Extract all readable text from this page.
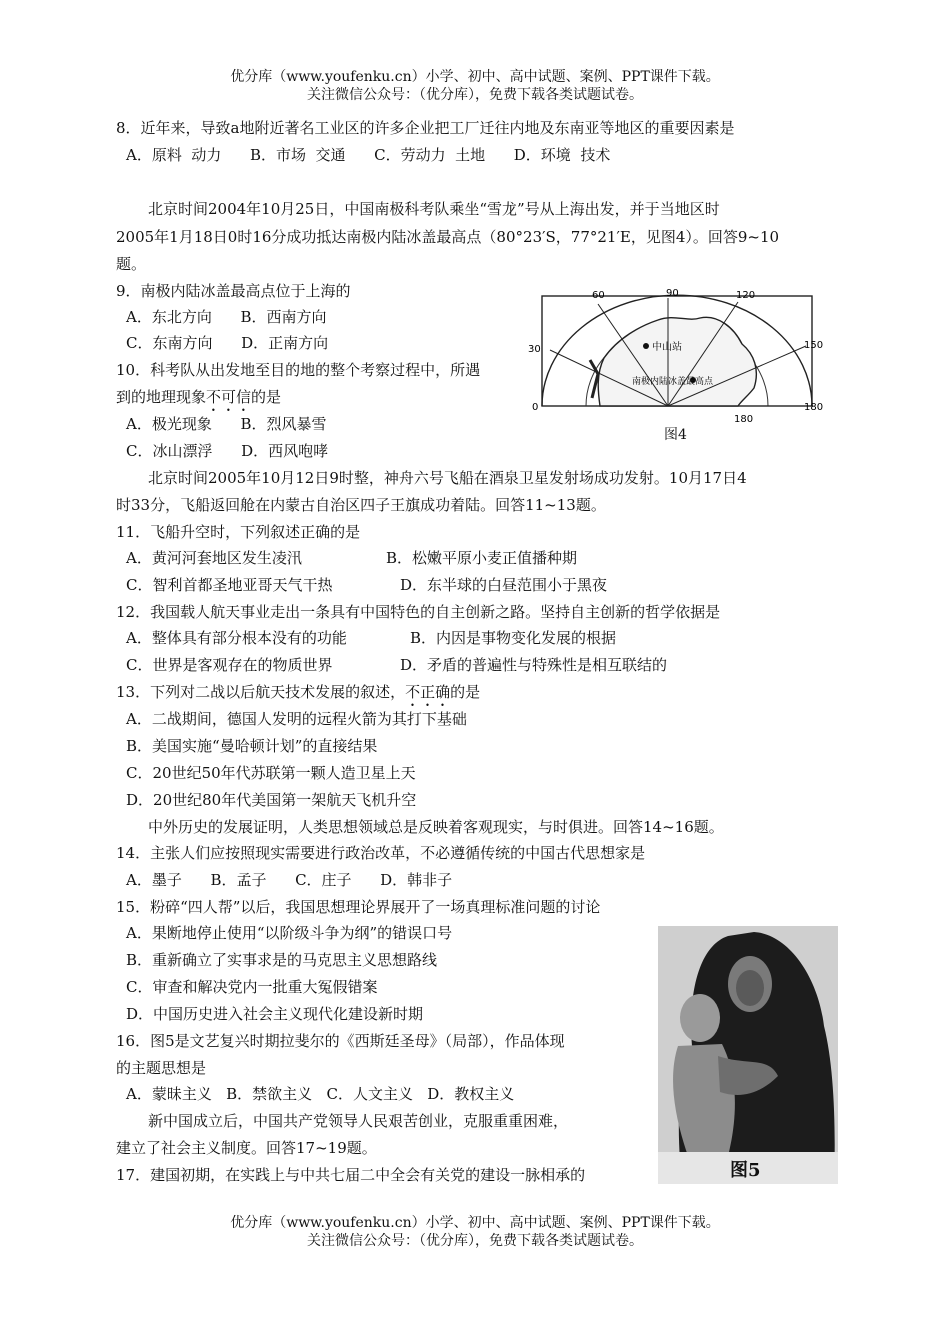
优分库（www.youfenku.cn）小学、初中、高中试题、案例、PPT课件下载。
关注微信公众号：（优分库），免费下载各类试题试卷。
8．近年来，导致a地附近著名工业区的许多企业把工厂迁往内地及东南亚等地区的重要因素是
A．原料  动力      B．市场  交通      C．劳动力  土地      D．环境  技术
北京时间2004年10月25日，中国南极科考队乘坐“雪龙”号从上海出发，并于当地区时
2005年1月18日0时16分成功抵达南极内陆冰盖最高点（80°23′S，77°21′E，见图4）。回答9~10
题。
9．南极内陆冰盖最高点位于上海的
A．东北方向      B．西南方向
C．东南方向      D．正南方向
10．科考队从出发地至目的地的整个考察过程中，所遇
到的地理现象不可信的是
A．极光现象      B．烈风暴雪
C．冰山漂浮      D．西风咆哮
60	90	120
30	150
0	180
180
中山站
南极内陆冰盖最高点
图4
北京时间2005年10月12日9时整，神舟六号飞船在酒泉卫星发射场成功发射。10月17日4
时33分，飞船返回舱在内蒙古自治区四子王旗成功着陆。回答11~13题。
11．飞船升空时，下列叙述正确的是
A．黄河河套地区发生凌汛	B．松嫩平原小麦正值播种期
C．智利首都圣地亚哥天气干热	D．东半球的白昼范围小于黑夜
12．我国载人航天事业走出一条具有中国特色的自主创新之路。坚持自主创新的哲学依据是
A．整体具有部分根本没有的功能	B．内因是事物变化发展的根据
C．世界是客观存在的物质世界	D．矛盾的普遍性与特殊性是相互联结的
13．下列对二战以后航天技术发展的叙述，不正确的是
A．二战期间，德国人发明的远程火箭为其打下基础
B．美国实施“曼哈顿计划”的直接结果
C．20世纪50年代苏联第一颗人造卫星上天
D．20世纪80年代美国第一架航天飞机升空
中外历史的发展证明，人类思想领域总是反映着客观现实，与时俱进。回答14~16题。
14．主张人们应按照现实需要进行政治改革，不必遵循传统的中国古代思想家是
A．墨子      B．孟子      C．庄子      D．韩非子
15．粉碎“四人帮”以后，我国思想理论界展开了一场真理标准问题的讨论
A．果断地停止使用“以阶级斗争为纲”的错误口号
B．重新确立了实事求是的马克思主义思想路线
C．审查和解决党内一批重大冤假错案
D．中国历史进入社会主义现代化建设新时期
16．图5是文艺复兴时期拉斐尔的《西斯廷圣母》（局部），作品体现
的主题思想是
A．蒙昧主义   B．禁欲主义   C．人文主义   D．教权主义
新中国成立后，中国共产党领导人民艰苦创业，克服重重困难，
建立了社会主义制度。回答17~19题。
17．建国初期，在实践上与中共七届二中全会有关党的建设一脉相承的	图5
优分库（www.youfenku.cn）小学、初中、高中试题、案例、PPT课件下载。
关注微信公众号：（优分库），免费下载各类试题试卷。
